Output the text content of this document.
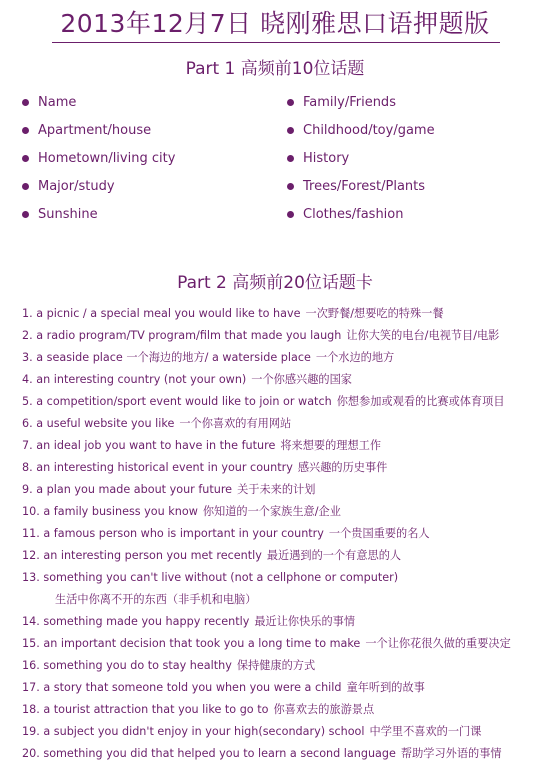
2013年12月7日 晓刚雅思口语押题版
Part 1 高频前10位话题
Name
Apartment/house
Hometown/living city
Major/study
Sunshine
Family/Friends
Childhood/toy/game
History
Trees/Forest/Plants
Clothes/fashion
Part 2 高频前20位话题卡
1. a picnic / a special meal you would like to have 一次野餐/想要吃的特殊一餐
2. a radio program/TV program/film that made you laugh 让你大笑的电台/电视节目/电影
3. a seaside place 一个海边的地方/ a waterside place 一个水边的地方
4. an interesting country (not your own) 一个你感兴趣的国家
5. a competition/sport event would like to join or watch 你想参加或观看的比赛或体育项目
6. a useful website you like 一个你喜欢的有用网站
7. an ideal job you want to have in the future 将来想要的理想工作
8. an interesting historical event in your country 感兴趣的历史事件
9. a plan you made about your future 关于未来的计划
10. a family business you know 你知道的一个家族生意/企业
11. a famous person who is important in your country 一个贵国重要的名人
12. an interesting person you met recently 最近遇到的一个有意思的人
13. something you can't live without (not a cellphone or computer)
生活中你离不开的东西（非手机和电脑）
14. something made you happy recently 最近让你快乐的事情
15. an important decision that took you a long time to make 一个让你花很久做的重要决定
16. something you do to stay healthy 保持健康的方式
17. a story that someone told you when you were a child 童年听到的故事
18. a tourist attraction that you like to go to 你喜欢去的旅游景点
19. a subject you didn't enjoy in your high(secondary) school 中学里不喜欢的一门课
20. something you did that helped you to learn a second language 帮助学习外语的事情
